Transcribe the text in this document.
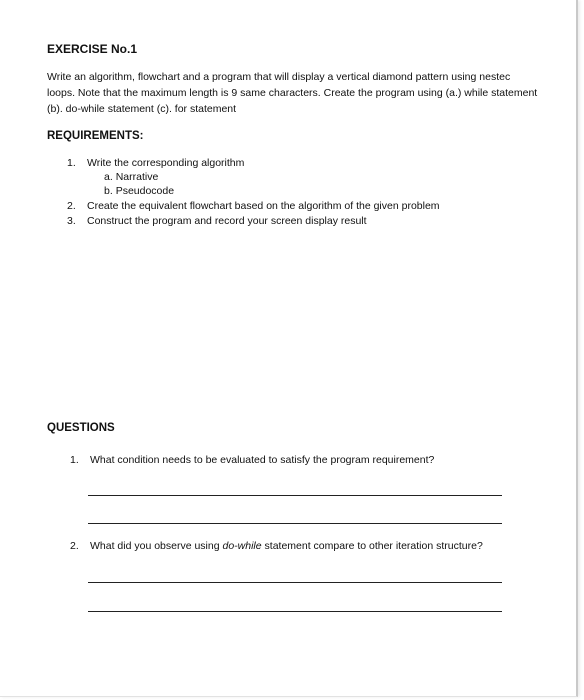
EXERCISE No.1

Write an algorithm, flowchart and a program that will display a vertical diamond pattern using nestec

loops. Note that the maximum length is 9 same characters. Create the program using (a.) while statement

(b). do-while statement (c). for statement

REQUIREMENTS:
1. Write the corresponding algorithm
a. Narrative
b. Pseudocode
2. Create the equivalent flowchart based on the algorithm of the given problem
3. Construct the program and record your screen display result
QUESTIONS
1. What condition needs to be evaluated to satisfy the program requirement?
2. What did you observe using do-while statement compare to other iteration structure?
